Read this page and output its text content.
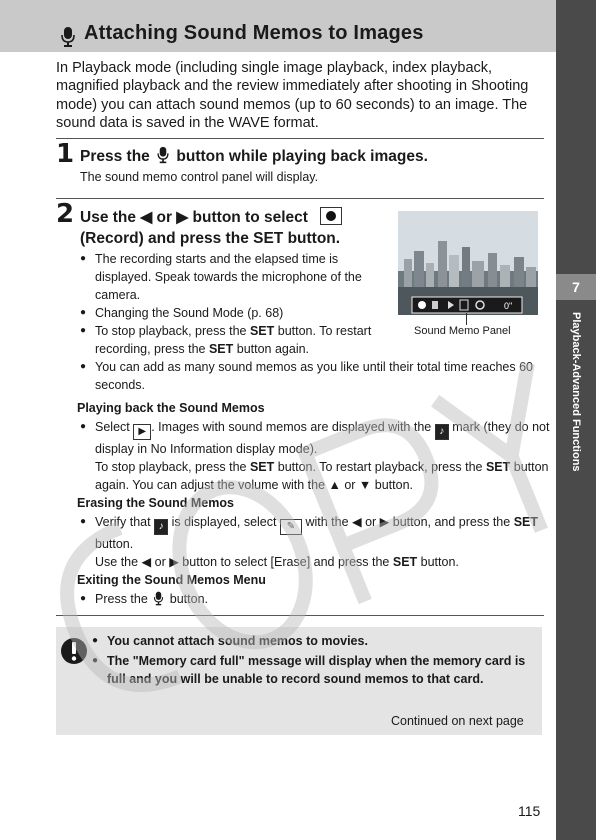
Attaching Sound Memos to Images
7
Playback-Advanced Functions
In Playback mode (including single image playback, index playback, magnified playback and the review immediately after shooting in Shooting mode) you can attach sound memos (up to 60 seconds) to an image. The sound data is saved in the WAVE format.
1 Press the button while playing back images.
The sound memo control panel will display.
2 Use the ◀ or ▶ button to select
(Record) and press the SET button.
● The recording starts and the elapsed time is displayed. Speak towards the microphone of the camera.
● Changing the Sound Mode (p. 68)
● To stop playback, press the SET button. To restart recording, press the SET button again.
● You can add as many sound memos as you like until their total time reaches 60 seconds.
0"
Sound Memo Panel
Playing back the Sound Memos
● Select ▶ . Images with sound memos are displayed with the ♪ mark (they do not display in No Information display mode).
To stop playback, press the SET button. To restart playback, press the SET button again. You can adjust the volume with the ▲ or ▼ button.
Erasing the Sound Memos
● Verify that ♪ is displayed, select ✎ with the ◀ or ▶ button, and press the SET button.
Use the ◀ or ▶ button to select [Erase] and press the SET button.
Exiting the Sound Memos Menu
● Press the button.
● You cannot attach sound memos to movies.
● The "Memory card full" message will display when the memory card is full and you will be unable to record sound memos to that card.
Continued on next page
115
